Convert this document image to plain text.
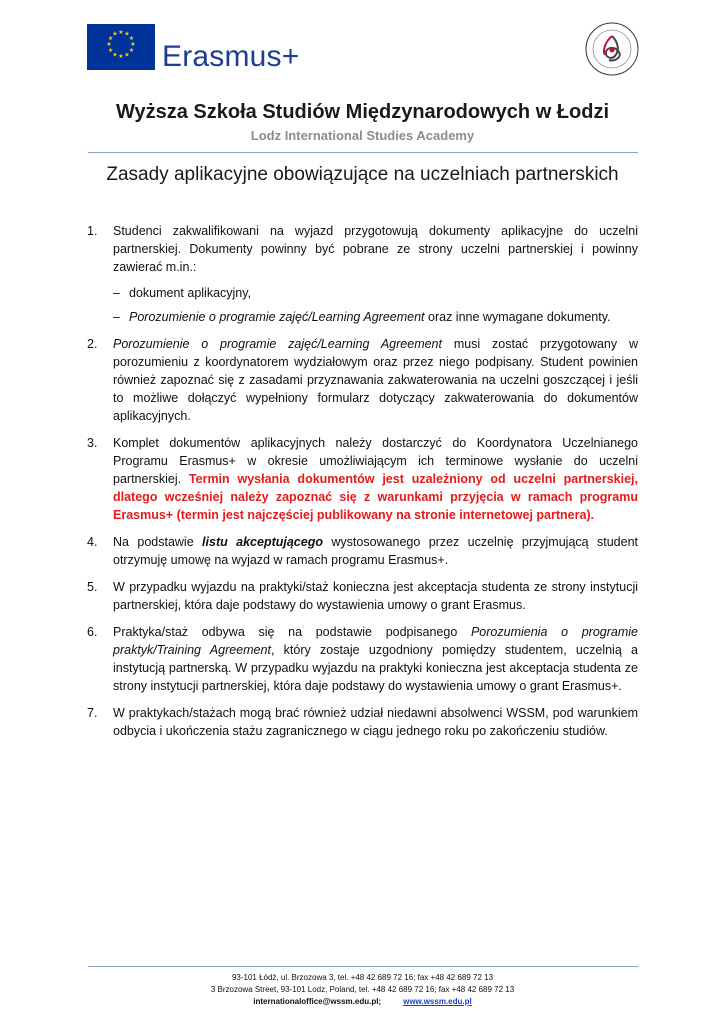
★ ★
★
★
★
★
★
★
★
★
★
★
Erasmus+
Wyższa Szkoła Studiów Międzynarodowych w Łodzi
Lodz International Studies Academy
Zasady aplikacyjne obowiązujące na uczelniach partnerskich
1. Studenci zakwalifikowani na wyjazd przygotowują dokumenty aplikacyjne do uczelni partnerskiej. Dokumenty powinny być pobrane ze strony uczelni partnerskiej i powinny zawierać m.in.:
– dokument aplikacyjny,
– Porozumienie o programie zajęć/Learning Agreement oraz inne wymagane dokumenty.
2. Porozumienie o programie zajęć/Learning Agreement musi zostać przygotowany w porozumieniu z koordynatorem wydziałowym oraz przez niego podpisany. Student powinien również zapoznać się z zasadami przyznawania zakwaterowania na uczelni goszczącej i jeśli to możliwe dołączyć wypełniony formularz dotyczący zakwaterowania do dokumentów aplikacyjnych.
3. Komplet dokumentów aplikacyjnych należy dostarczyć do Koordynatora Uczelnianego Programu Erasmus+ w okresie umożliwiającym ich terminowe wysłanie do uczelni partnerskiej. Termin wysłania dokumentów jest uzależniony od uczelni partnerskiej, dlatego wcześniej należy zapoznać się z warunkami przyjęcia w ramach programu Erasmus+ (termin jest najczęściej publikowany na stronie internetowej partnera).
4. Na podstawie listu akceptującego wystosowanego przez uczelnię przyjmującą student otrzymuję umowę na wyjazd w ramach programu Erasmus+.
5. W przypadku wyjazdu na praktyki/staż konieczna jest akceptacja studenta ze strony instytucji partnerskiej, która daje podstawy do wystawienia umowy o grant Erasmus.
6. Praktyka/staż odbywa się na podstawie podpisanego Porozumienia o programie praktyk/Training Agreement, który zostaje uzgodniony pomiędzy studentem, uczelnią a instytucją partnerską. W przypadku wyjazdu na praktyki konieczna jest akceptacja studenta ze strony instytucji partnerskiej, która daje podstawy do wystawienia umowy o grant Erasmus+.
7. W praktykach/stażach mogą brać również udział niedawni absolwenci WSSM, pod warunkiem odbycia i ukończenia stażu zagranicznego w ciągu jednego roku po zakończeniu studiów.
93-101 Łódź, ul. Brzozowa 3, tel. +48 42 689 72 16; fax +48 42 689 72 13
3 Brzozowa Street, 93-101 Lodz, Poland, tel. +48 42 689 72 16; fax +48 42 689 72 13
internationaloffice@wssm.edu.pl;	www.wssm.edu.pl
